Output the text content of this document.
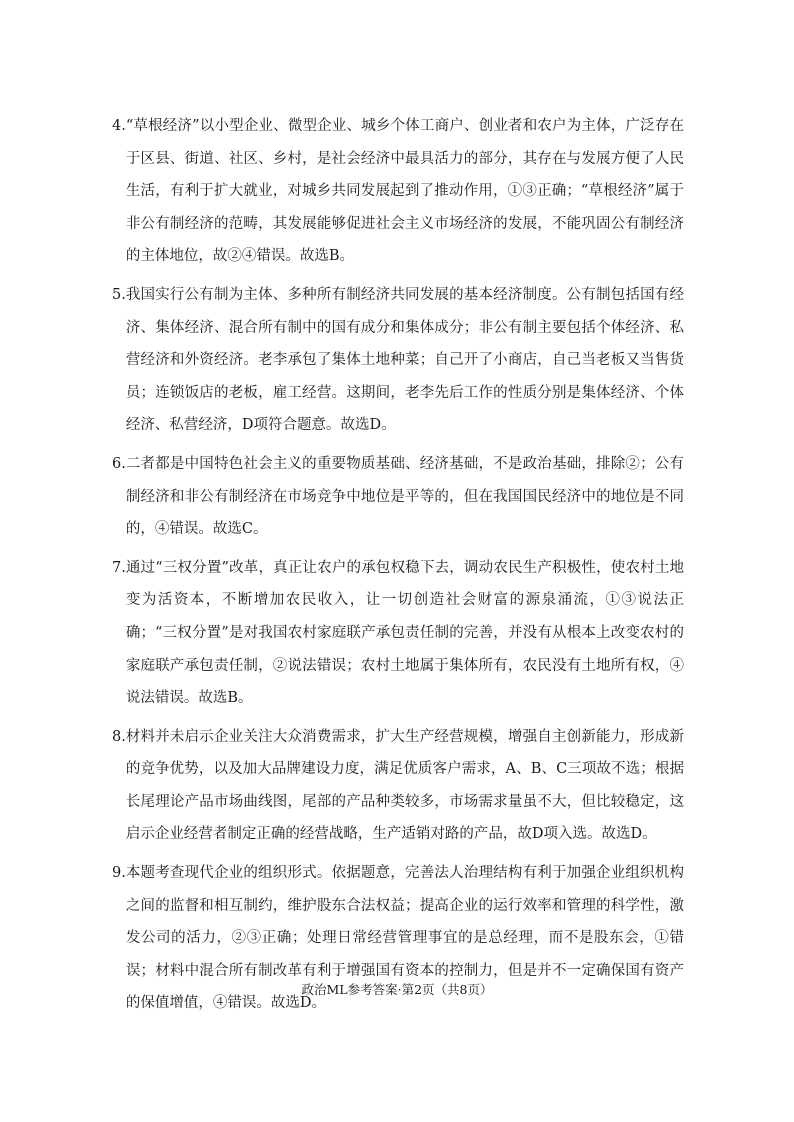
4. “草根经济”以小型企业、微型企业、城乡个体工商户、创业者和农户为主体，广泛存在于区县、街道、社区、乡村，是社会经济中最具活力的部分，其存在与发展方便了人民生活，有利于扩大就业，对城乡共同发展起到了推动作用，①③正确；“草根经济”属于非公有制经济的范畴，其发展能够促进社会主义市场经济的发展，不能巩固公有制经济的主体地位，故②④错误。故选B。

5. 我国实行公有制为主体、多种所有制经济共同发展的基本经济制度。公有制包括国有经济、集体经济、混合所有制中的国有成分和集体成分；非公有制主要包括个体经济、私营经济和外资经济。老李承包了集体土地种菜；自己开了小商店，自己当老板又当售货员；连锁饭店的老板，雇工经营。这期间，老李先后工作的性质分别是集体经济、个体经济、私营经济，D项符合题意。故选D。

6. 二者都是中国特色社会主义的重要物质基础、经济基础，不是政治基础，排除②；公有制经济和非公有制经济在市场竞争中地位是平等的，但在我国国民经济中的地位是不同的，④错误。故选C。

7. 通过“三权分置”改革，真正让农户的承包权稳下去，调动农民生产积极性，使农村土地变为活资本，不断增加农民收入，让一切创造社会财富的源泉涌流，①③说法正确；“三权分置”是对我国农村家庭联产承包责任制的完善，并没有从根本上改变农村的家庭联产承包责任制，②说法错误；农村土地属于集体所有，农民没有土地所有权，④说法错误。故选B。

8. 材料并未启示企业关注大众消费需求，扩大生产经营规模，增强自主创新能力，形成新的竞争优势，以及加大品牌建设力度，满足优质客户需求，A、B、C三项故不选；根据长尾理论产品市场曲线图，尾部的产品种类较多，市场需求量虽不大，但比较稳定，这启示企业经营者制定正确的经营战略，生产适销对路的产品，故D项入选。故选D。

9. 本题考查现代企业的组织形式。依据题意，完善法人治理结构有利于加强企业组织机构之间的监督和相互制约，维护股东合法权益；提高企业的运行效率和管理的科学性，激发公司的活力，②③正确；处理日常经营管理事宜的是总经理，而不是股东会，①错误；材料中混合所有制改革有利于增强国有资本的控制力，但是并不一定确保国有资产的保值增值，④错误。故选D。

政治ML参考答案·第2页（共8页）
